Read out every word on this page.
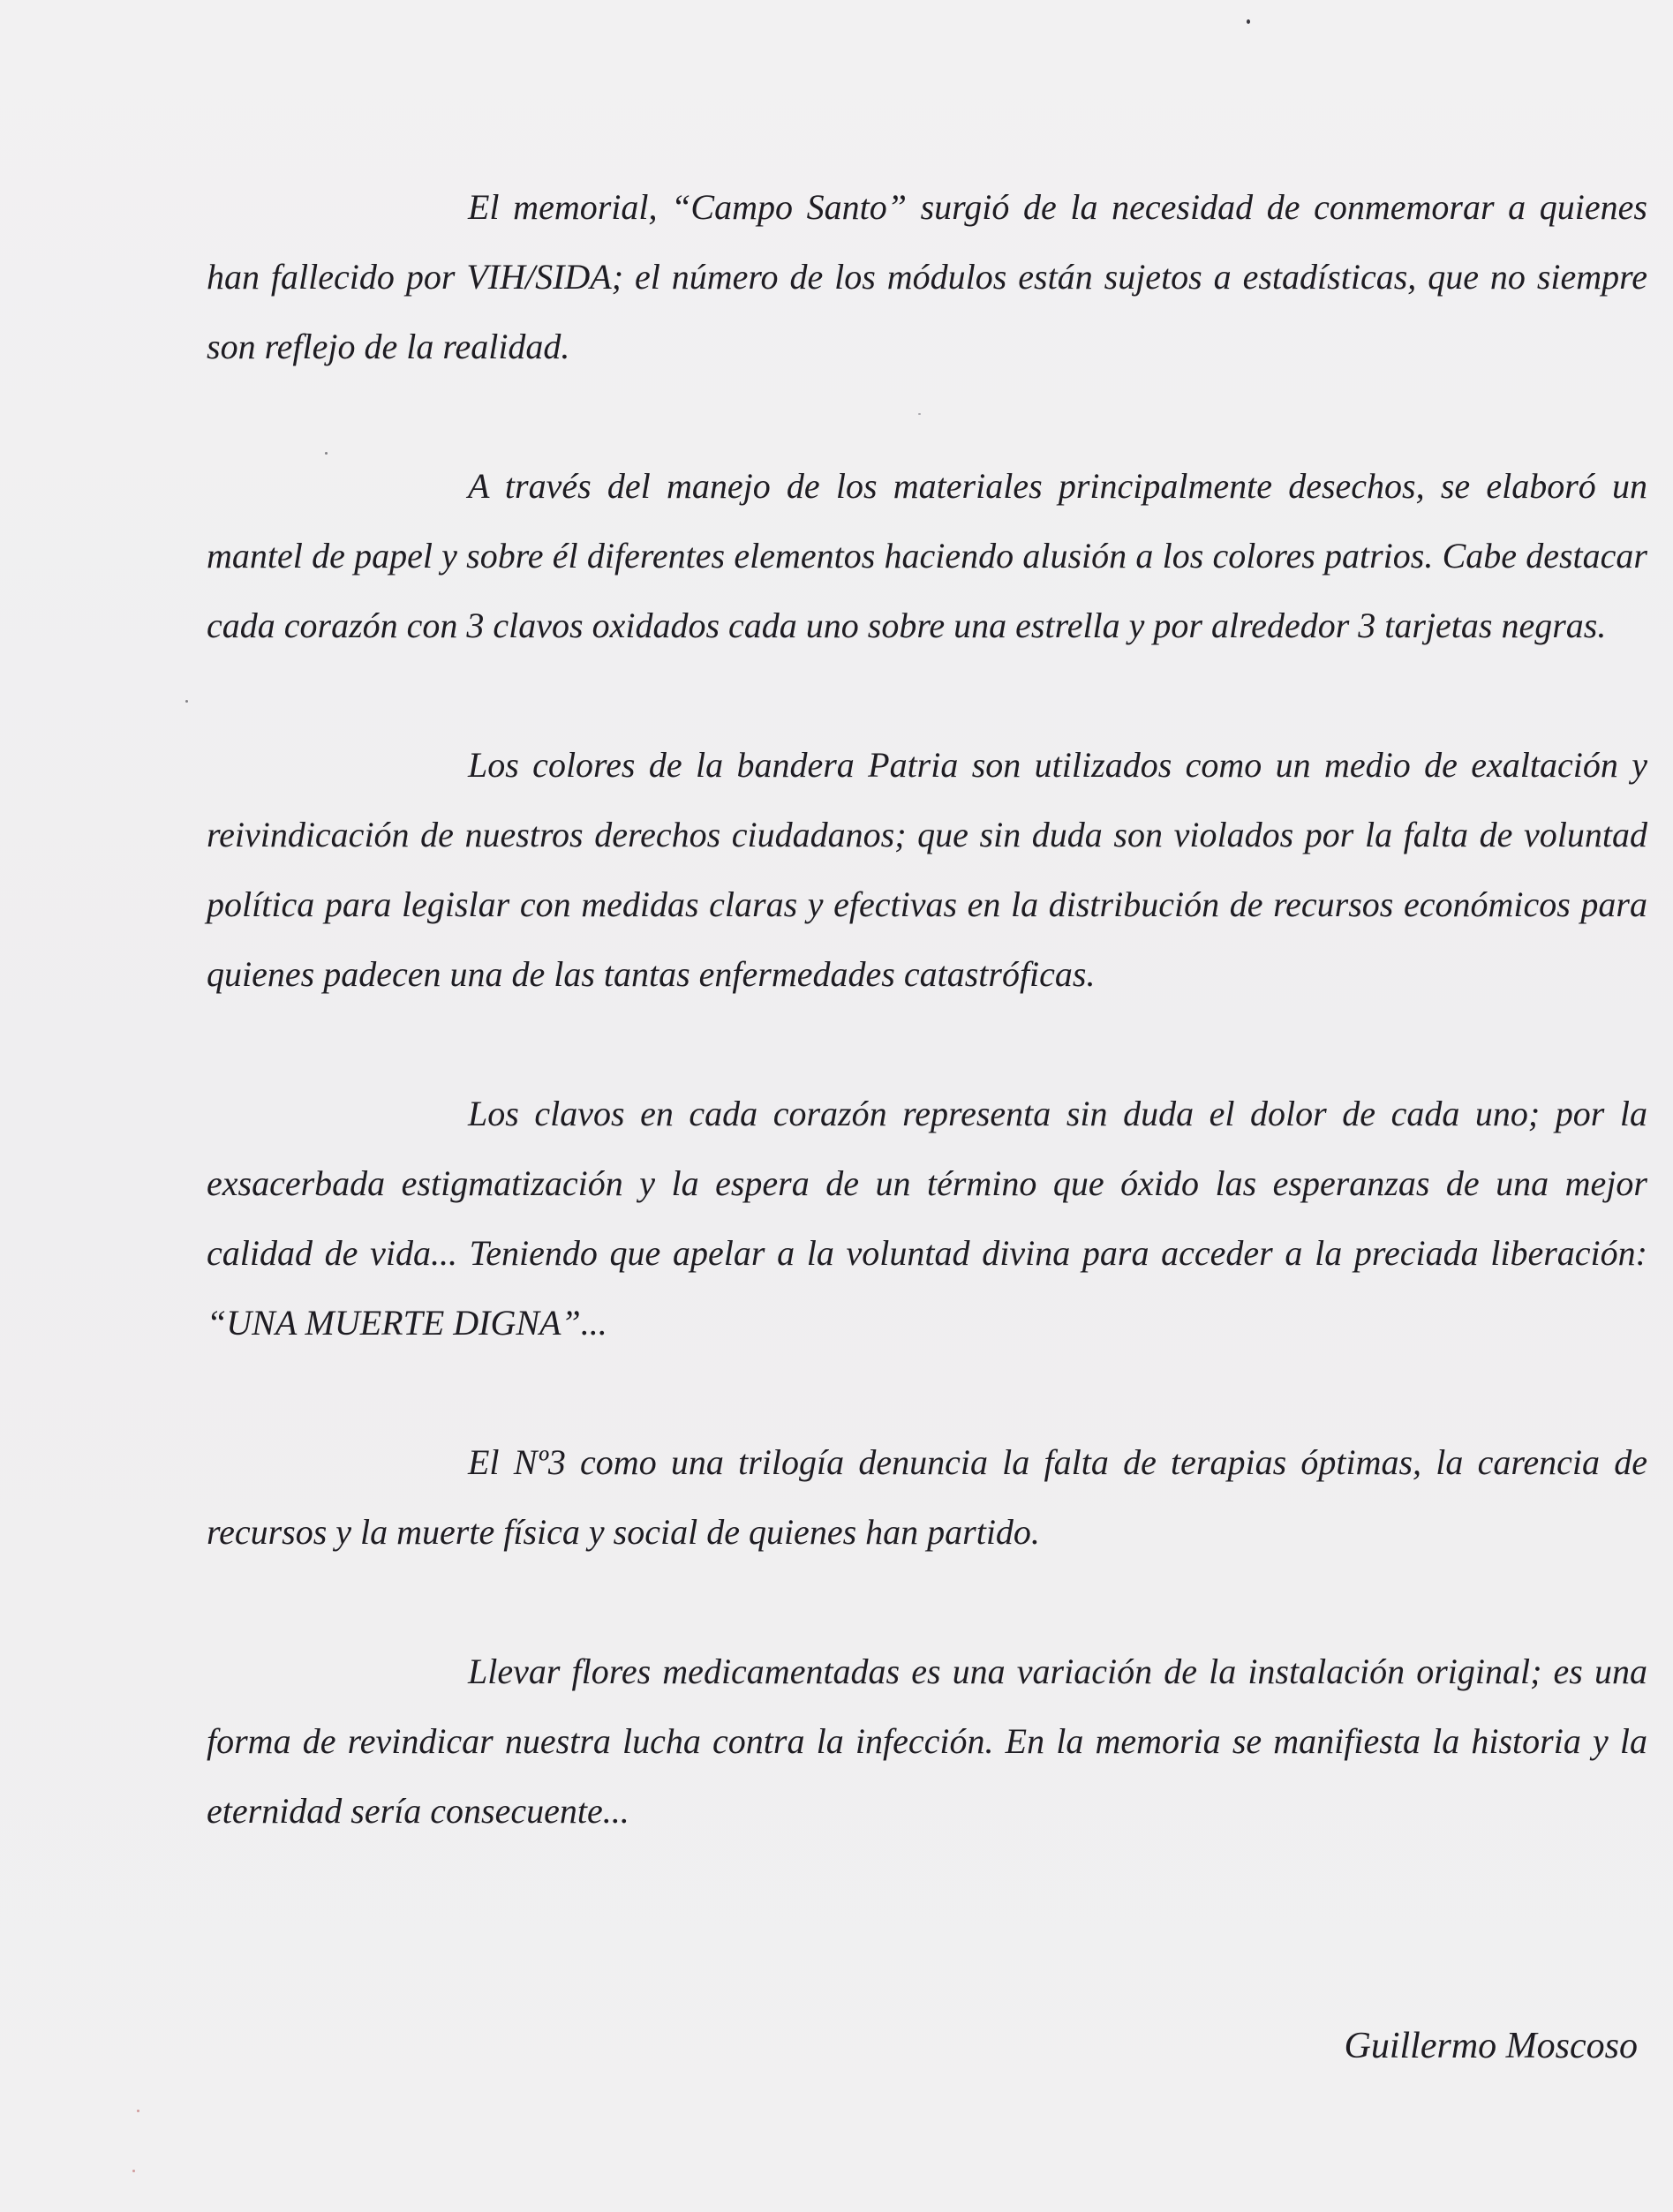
El memorial, “Campo Santo” surgió de la necesidad de conmemorar a quienes han fallecido por VIH/SIDA; el número de los módulos están sujetos a estadísticas, que no siempre son reflejo de la realidad.

A través del manejo de los materiales principalmente desechos, se elaboró un mantel de papel y sobre él diferentes elementos haciendo alusión a los colores patrios. Cabe destacar cada corazón con 3 clavos oxidados cada uno sobre una estrella y por alrededor 3 tarjetas negras.

Los colores de la bandera Patria son utilizados como un medio de exaltación y reivindicación de nuestros derechos ciudadanos; que sin duda son violados por la falta de voluntad política para legislar con medidas claras y efectivas en la distribución de recursos económicos para quienes padecen una de las tantas enfermedades catastróficas.

Los clavos en cada corazón representa sin duda el dolor de cada uno; por la exsacerbada estigmatización y la espera de un término que óxido las esperanzas de una mejor calidad de vida... Teniendo que apelar a la voluntad divina para acceder a la preciada liberación: “UNA MUERTE DIGNA”...

El Nº3 como una trilogía denuncia la falta de terapias óptimas, la carencia de recursos y la muerte física y social de quienes han partido.

Llevar flores medicamentadas es una variación de la instalación original; es una forma de revindicar nuestra lucha contra la infección. En la memoria se manifiesta la historia y la eternidad sería consecuente...

Guillermo Moscoso
